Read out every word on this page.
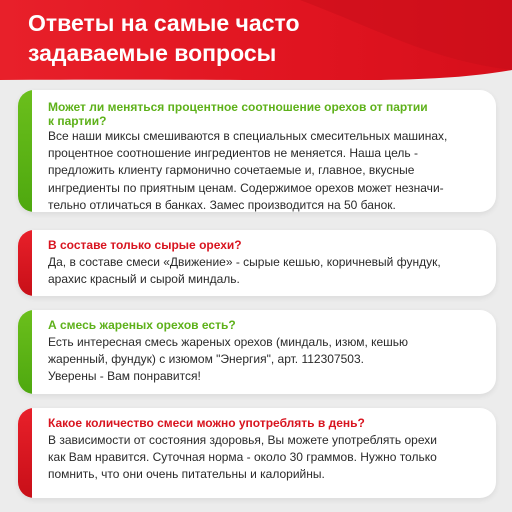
Ответы на самые часто
задаваемые вопросы
Может ли меняться процентное соотношение орехов от партии
к партии?
Все наши миксы смешиваются в специальных смесительных машинах,
процентное соотношение ингредиентов не меняется. Наша цель -
предложить клиенту гармонично сочетаемые и, главное, вкусные
ингредиенты по приятным ценам. Содержимое орехов может незначи-
тельно отличаться в банках. Замес производится на 50 банок.
В составе только сырые орехи?
Да, в составе смеси «Движение» - сырые кешью, коричневый фундук,
арахис красный и сырой миндаль.
А смесь жареных орехов есть?
Есть интересная смесь жареных орехов (миндаль, изюм, кешью
жаренный, фундук) с изюмом "Энергия", арт. 112307503.
Уверены - Вам понравится!
Какое количество смеси можно употреблять в день?
В зависимости от состояния здоровья, Вы можете употреблять орехи
как Вам нравится. Суточная норма - около 30 граммов. Нужно только
помнить, что они очень питательны и калорийны.
